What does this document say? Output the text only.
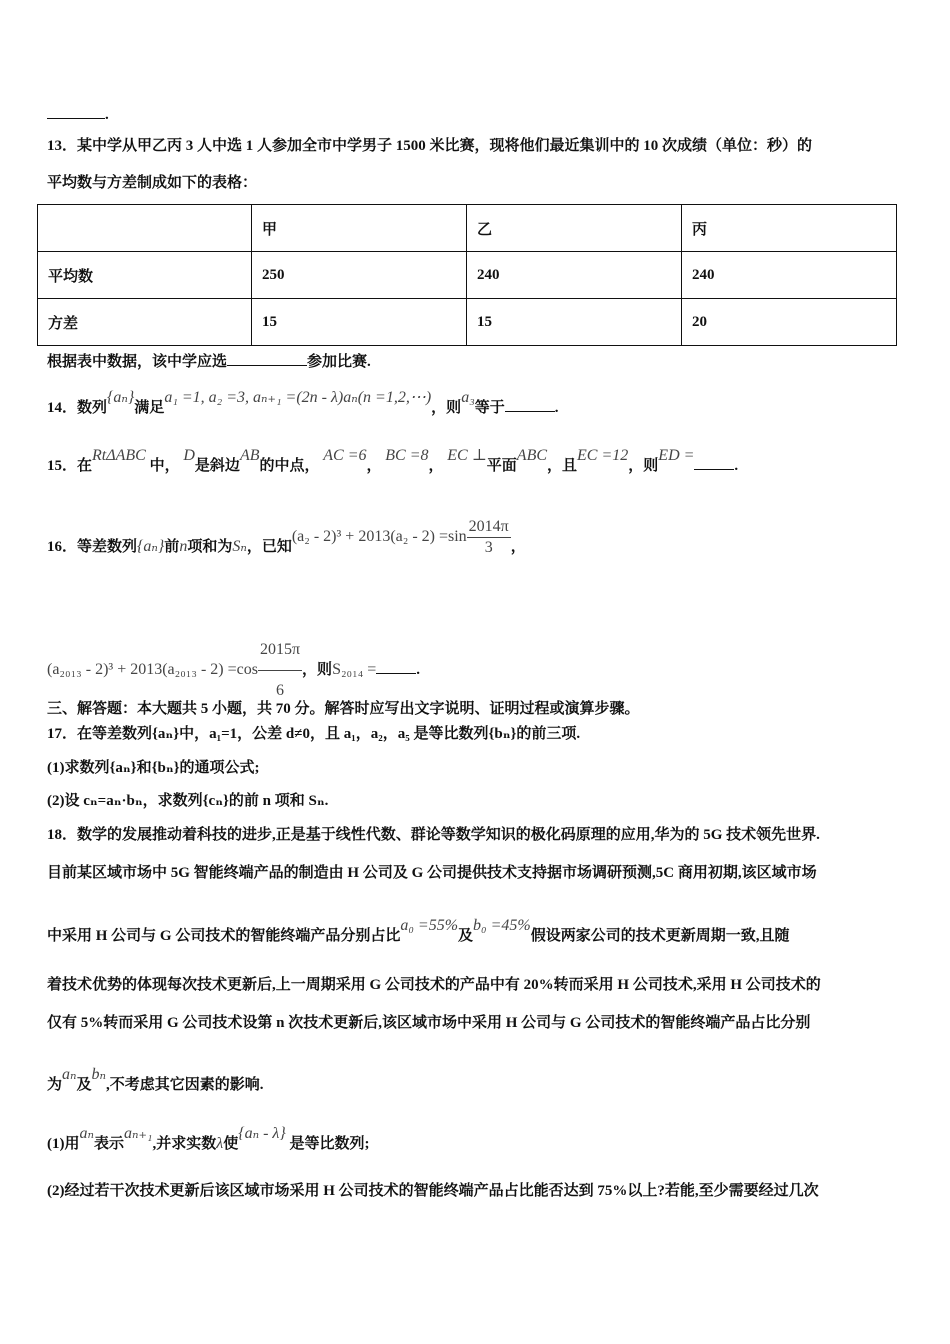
.
13．某中学从甲乙丙 3 人中选 1 人参加全市中学男子 1500 米比赛，现将他们最近集训中的 10 次成绩（单位：秒）的
平均数与方差制成如下的表格：
	甲	乙	丙
平均数	250	240	240
方差	15	15	20
根据表中数据，该中学应选	参加比赛.
14．数列{aₙ}满足a₁ =1, a₂ =3, aₙ₊₁ =(2n - λ)aₙ(n =1,2,⋯)，则a₃等于	.
15．在RtΔABC 中， D是斜边AB的中点， AC =6， BC =8， EC ⊥平面ABC，且EC =12，则ED =.
16．等差数列{aₙ}前n项和为Sₙ，已知$(a_2 - 2)^3 + 2013(a_2 - 2) =\sin \frac{2014\pi}{3}$ ，
$(a_{2013} - 2)^3 + 2013(a_{2013} - 2) =\cos \frac{2015\pi}{6}$ ，则S₂₀₁₄ =	.
三、解答题：本大题共 5 小题，共 70 分。解答时应写出文字说明、证明过程或演算步骤。
17．在等差数列{aₙ}中，a₁=1，公差 d≠0，且 a₁，a₂，a₅ 是等比数列{bₙ}的前三项.
(1)求数列{aₙ}和{bₙ}的通项公式;
(2)设 cₙ=aₙ·bₙ，求数列{cₙ}的前 n 项和 Sₙ.
18．数学的发展推动着科技的进步,正是基于线性代数、群论等数学知识的极化码原理的应用,华为的 5G 技术领先世界.
目前某区域市场中 5G 智能终端产品的制造由 H 公司及 G 公司提供技术支持据市场调研预测,5C 商用初期,该区域市场
中采用 H 公司与 G 公司技术的智能终端产品分别占比a₀ =55%及b₀ =45%假设两家公司的技术更新周期一致,且随
着技术优势的体现每次技术更新后,上一周期采用 G 公司技术的产品中有 20%转而采用 H 公司技术,采用 H 公司技术的
仅有 5%转而采用 G 公司技术设第 n 次技术更新后,该区域市场中采用 H 公司与 G 公司技术的智能终端产品占比分别
为aₙ及bₙ,不考虑其它因素的影响.
(1)用aₙ表示aₙ₊₁,并求实数λ使{aₙ - λ} 是等比数列;
(2)经过若干次技术更新后该区域市场采用 H 公司技术的智能终端产品占比能否达到 75%以上?若能,至少需要经过几次
